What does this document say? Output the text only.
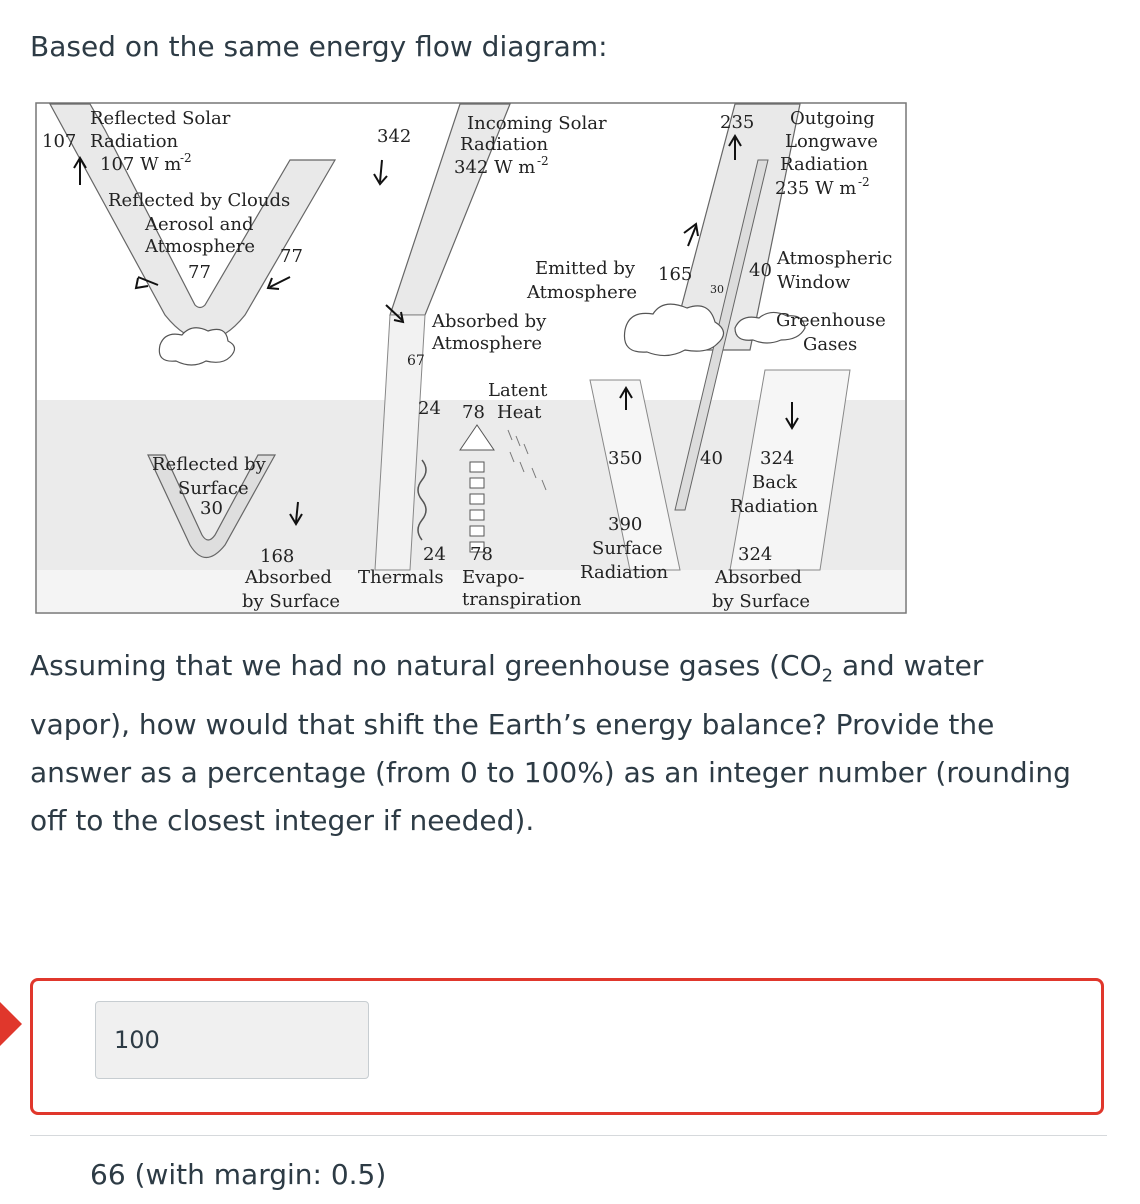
Based on the same energy flow diagram:
Reflected Solar
107 Radiation
107 W m
-2
Reflected by Clouds
Aerosol and
Atmosphere
77
77
342
Incoming Solar
Radiation
342 W m -2
235 Outgoing
Longwave
Radiation
235 W m -2
Emitted by
Atmosphere
165
30
40
Atmospheric
Window
Absorbed by
Atmosphere
67
Greenhouse
Gases
Latent
24 78 Heat
350	40 324
Back
Radiation
Reflected by
Surface
30
390
Surface
Radiation
168
Absorbed
by Surface
24
Thermals
78
Evapo-
transpiration
324
Absorbed
by Surface
Assuming that we had no natural greenhouse gases ($CO_2$ and water vapor), how would that shift the Earth’s energy balance? Provide the answer as a percentage (from 0 to 100%) as an integer number (rounding off to the closest integer if needed).
100
66 (with margin: 0.5)
